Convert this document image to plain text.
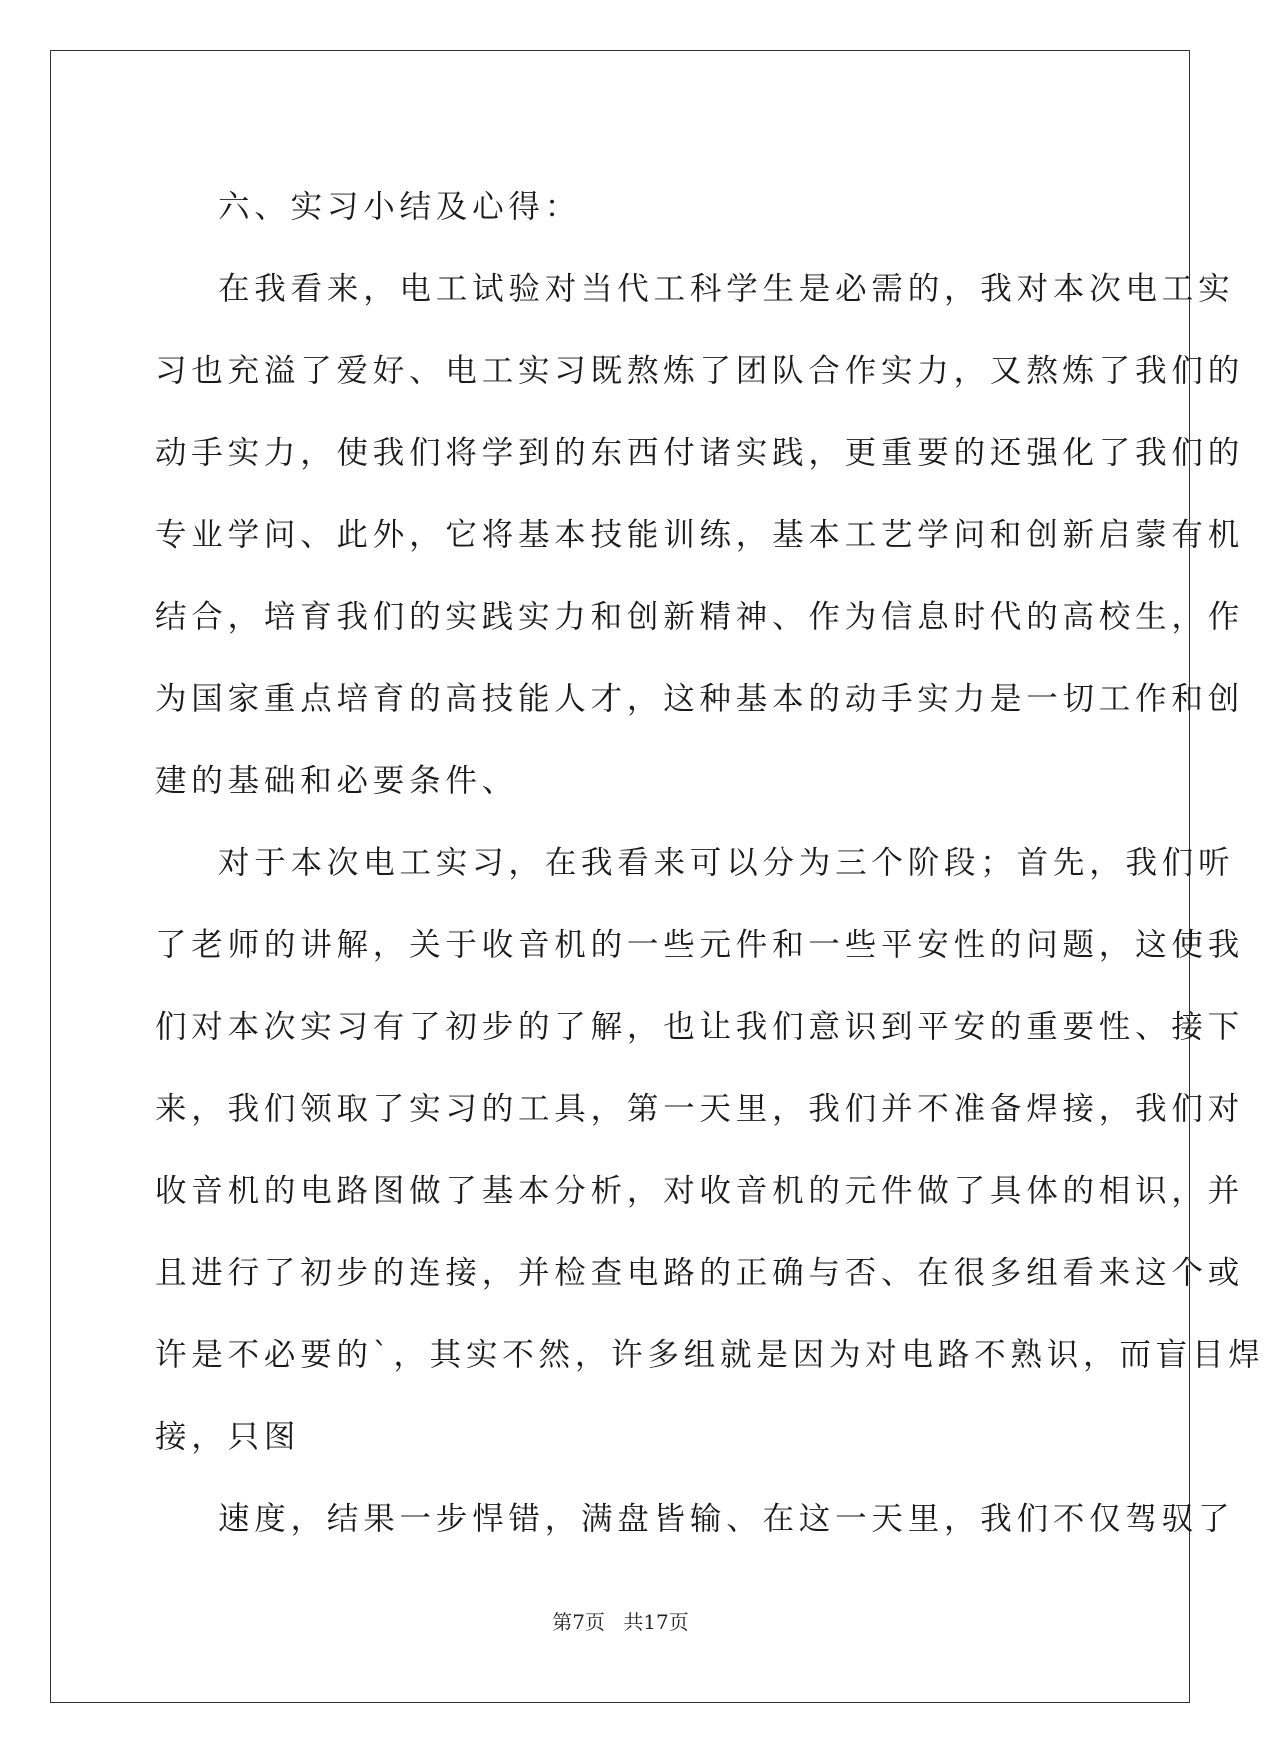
六、实习小结及心得：
在我看来，电工试验对当代工科学生是必需的，我对本次电工实
习也充溢了爱好、电工实习既熬炼了团队合作实力，又熬炼了我们的
动手实力，使我们将学到的东西付诸实践，更重要的还强化了我们的
专业学问、此外，它将基本技能训练，基本工艺学问和创新启蒙有机
结合，培育我们的实践实力和创新精神、作为信息时代的高校生，作
为国家重点培育的高技能人才，这种基本的动手实力是一切工作和创
建的基础和必要条件、
对于本次电工实习，在我看来可以分为三个阶段；首先，我们听
了老师的讲解，关于收音机的一些元件和一些平安性的问题，这使我
们对本次实习有了初步的了解，也让我们意识到平安的重要性、接下
来，我们领取了实习的工具，第一天里，我们并不准备焊接，我们对
收音机的电路图做了基本分析，对收音机的元件做了具体的相识，并
且进行了初步的连接，并检查电路的正确与否、在很多组看来这个或
许是不必要的`，其实不然，许多组就是因为对电路不熟识，而盲目焊
接，只图
速度，结果一步悍错，满盘皆输、在这一天里，我们不仅驾驭了
第7页 共17页
